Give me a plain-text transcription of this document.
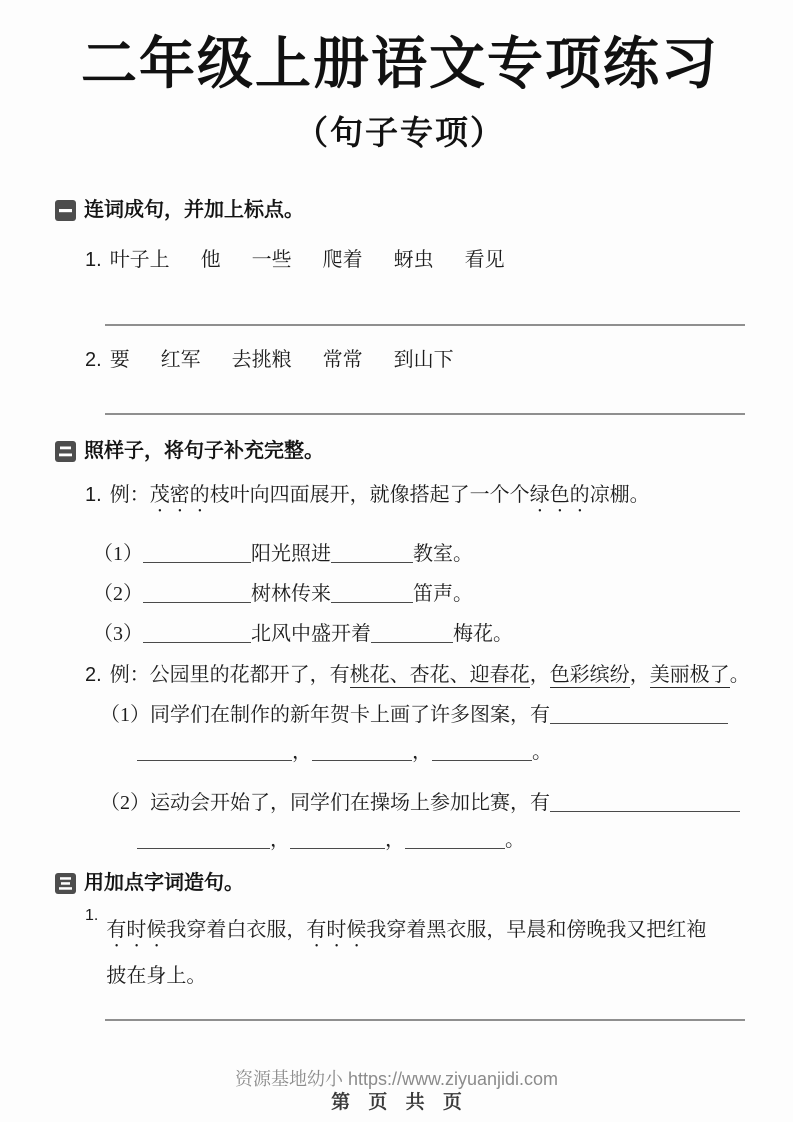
二年级上册语文专项练习
（句子专项）
连词成句，并加上标点。
1. 叶子上 他 一些 爬着 蚜虫 看见
2. 要 红军 去挑粮 常常 到山下
照样子，将句子补充完整。
1. 例：茂密的枝叶向四面展开，就像搭起了一个个绿色的凉棚。
（1）	阳光照进	教室。
（2）	树林传来	笛声。
（3）	北风中盛开着	梅花。
2. 例：公园里的花都开了，有桃花、杏花、迎春花，色彩缤纷，美丽极了。
（1）同学们在制作的新年贺卡上画了许多图案，有
，	，	。
（2）运动会开始了，同学们在操场上参加比赛，有
，	，	。
用加点字词造句。
1.
有时候我穿着白衣服，有时候我穿着黑衣服，早晨和傍晚我又把红袍披在身上。
资源基地幼小 https://www.ziyuanjidi.com
第 页 共 页
